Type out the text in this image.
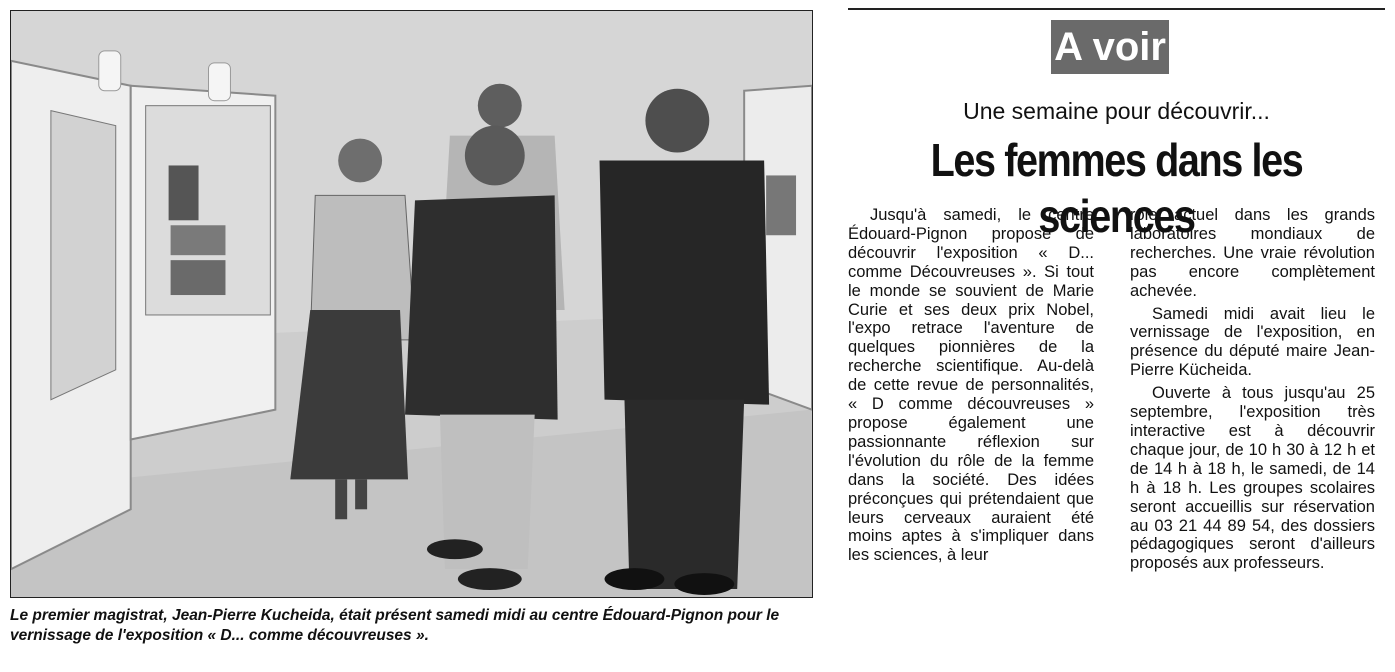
Le premier magistrat, Jean-Pierre Kucheida, était présent samedi midi au centre Édouard-Pignon pour le vernissage de l'exposition « D... comme découvreuses ».
A voir
Une semaine pour découvrir...
Les femmes dans les sciences

Jusqu'à samedi, le centre Édouard-Pignon propose de découvrir l'exposition « D... comme Découvreuses ». Si tout le monde se souvient de Marie Curie et ses deux prix Nobel, l'expo retrace l'aventure de quelques pionnières de la recherche scientifique. Au-delà de cette revue de personnalités, « D comme découvreuses » propose également une passionnante réflexion sur l'évolution du rôle de la femme dans la société. Des idées préconçues qui prétendaient que leurs cerveaux auraient été moins aptes à s'impliquer dans les sciences, à leur

rôle actuel dans les grands laboratoires mondiaux de recherches. Une vraie révolution pas encore complètement achevée.

Samedi midi avait lieu le vernissage de l'exposition, en présence du député maire Jean-Pierre Kücheida.

Ouverte à tous jusqu'au 25 septembre, l'exposition très interactive est à découvrir chaque jour, de 10 h 30 à 12 h et de 14 h à 18 h, le samedi, de 14 h à 18 h. Les groupes scolaires seront accueillis sur réservation au 03 21 44 89 54, des dossiers pédagogiques seront d'ailleurs proposés aux professeurs.
